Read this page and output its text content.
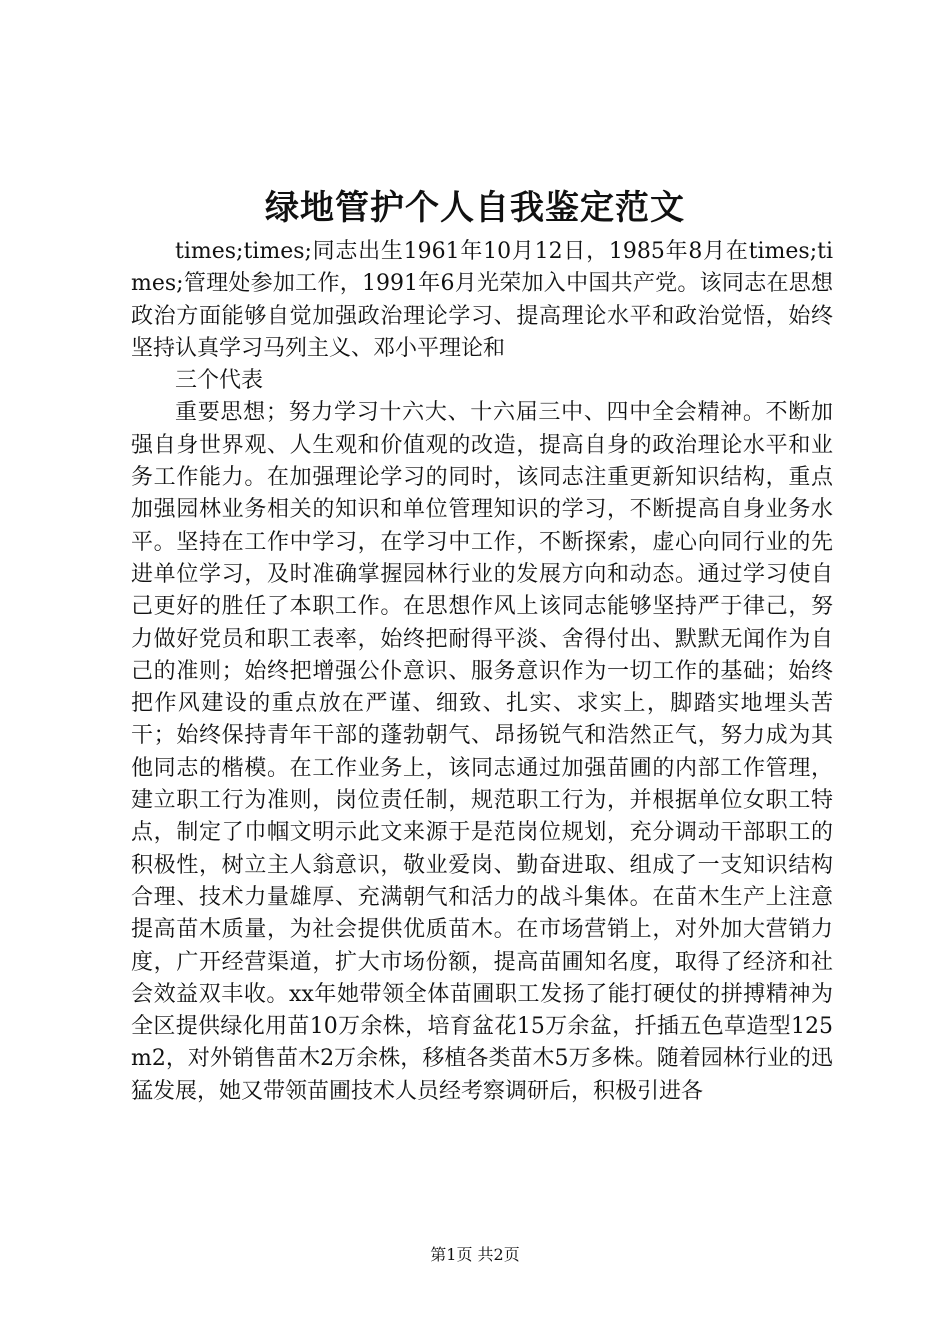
绿地管护个人自我鉴定范文

times;times;同志出生1961年10月12日，1985年8月在times;times;管理处参加工作，1991年6月光荣加入中国共产党。该同志在思想政治方面能够自觉加强政治理论学习、提高理论水平和政治觉悟，始终坚持认真学习马列主义、邓小平理论和

三个代表

重要思想；努力学习十六大、十六届三中、四中全会精神。不断加强自身世界观、人生观和价值观的改造，提高自身的政治理论水平和业务工作能力。在加强理论学习的同时，该同志注重更新知识结构，重点加强园林业务相关的知识和单位管理知识的学习，不断提高自身业务水平。坚持在工作中学习，在学习中工作，不断探索，虚心向同行业的先进单位学习，及时准确掌握园林行业的发展方向和动态。通过学习使自己更好的胜任了本职工作。在思想作风上该同志能够坚持严于律己，努力做好党员和职工表率，始终把耐得平淡、舍得付出、默默无闻作为自己的准则；始终把增强公仆意识、服务意识作为一切工作的基础；始终把作风建设的重点放在严谨、细致、扎实、求实上，脚踏实地埋头苦干；始终保持青年干部的蓬勃朝气、昂扬锐气和浩然正气，努力成为其他同志的楷模。在工作业务上，该同志通过加强苗圃的内部工作管理，建立职工行为准则，岗位责任制，规范职工行为，并根据单位女职工特点，制定了巾帼文明示此文来源于是范岗位规划，充分调动干部职工的积极性，树立主人翁意识，敬业爱岗、勤奋进取、组成了一支知识结构合理、技术力量雄厚、充满朝气和活力的战斗集体。在苗木生产上注意提高苗木质量，为社会提供优质苗木。在市场营销上，对外加大营销力度，广开经营渠道，扩大市场份额，提高苗圃知名度，取得了经济和社会效益双丰收。xx年她带领全体苗圃职工发扬了能打硬仗的拼搏精神为全区提供绿化用苗10万余株，培育盆花15万余盆，扦插五色草造型125m2，对外销售苗木2万余株，移植各类苗木5万多株。随着园林行业的迅猛发展，她又带领苗圃技术人员经考察调研后，积极引进各

第1页 共2页
